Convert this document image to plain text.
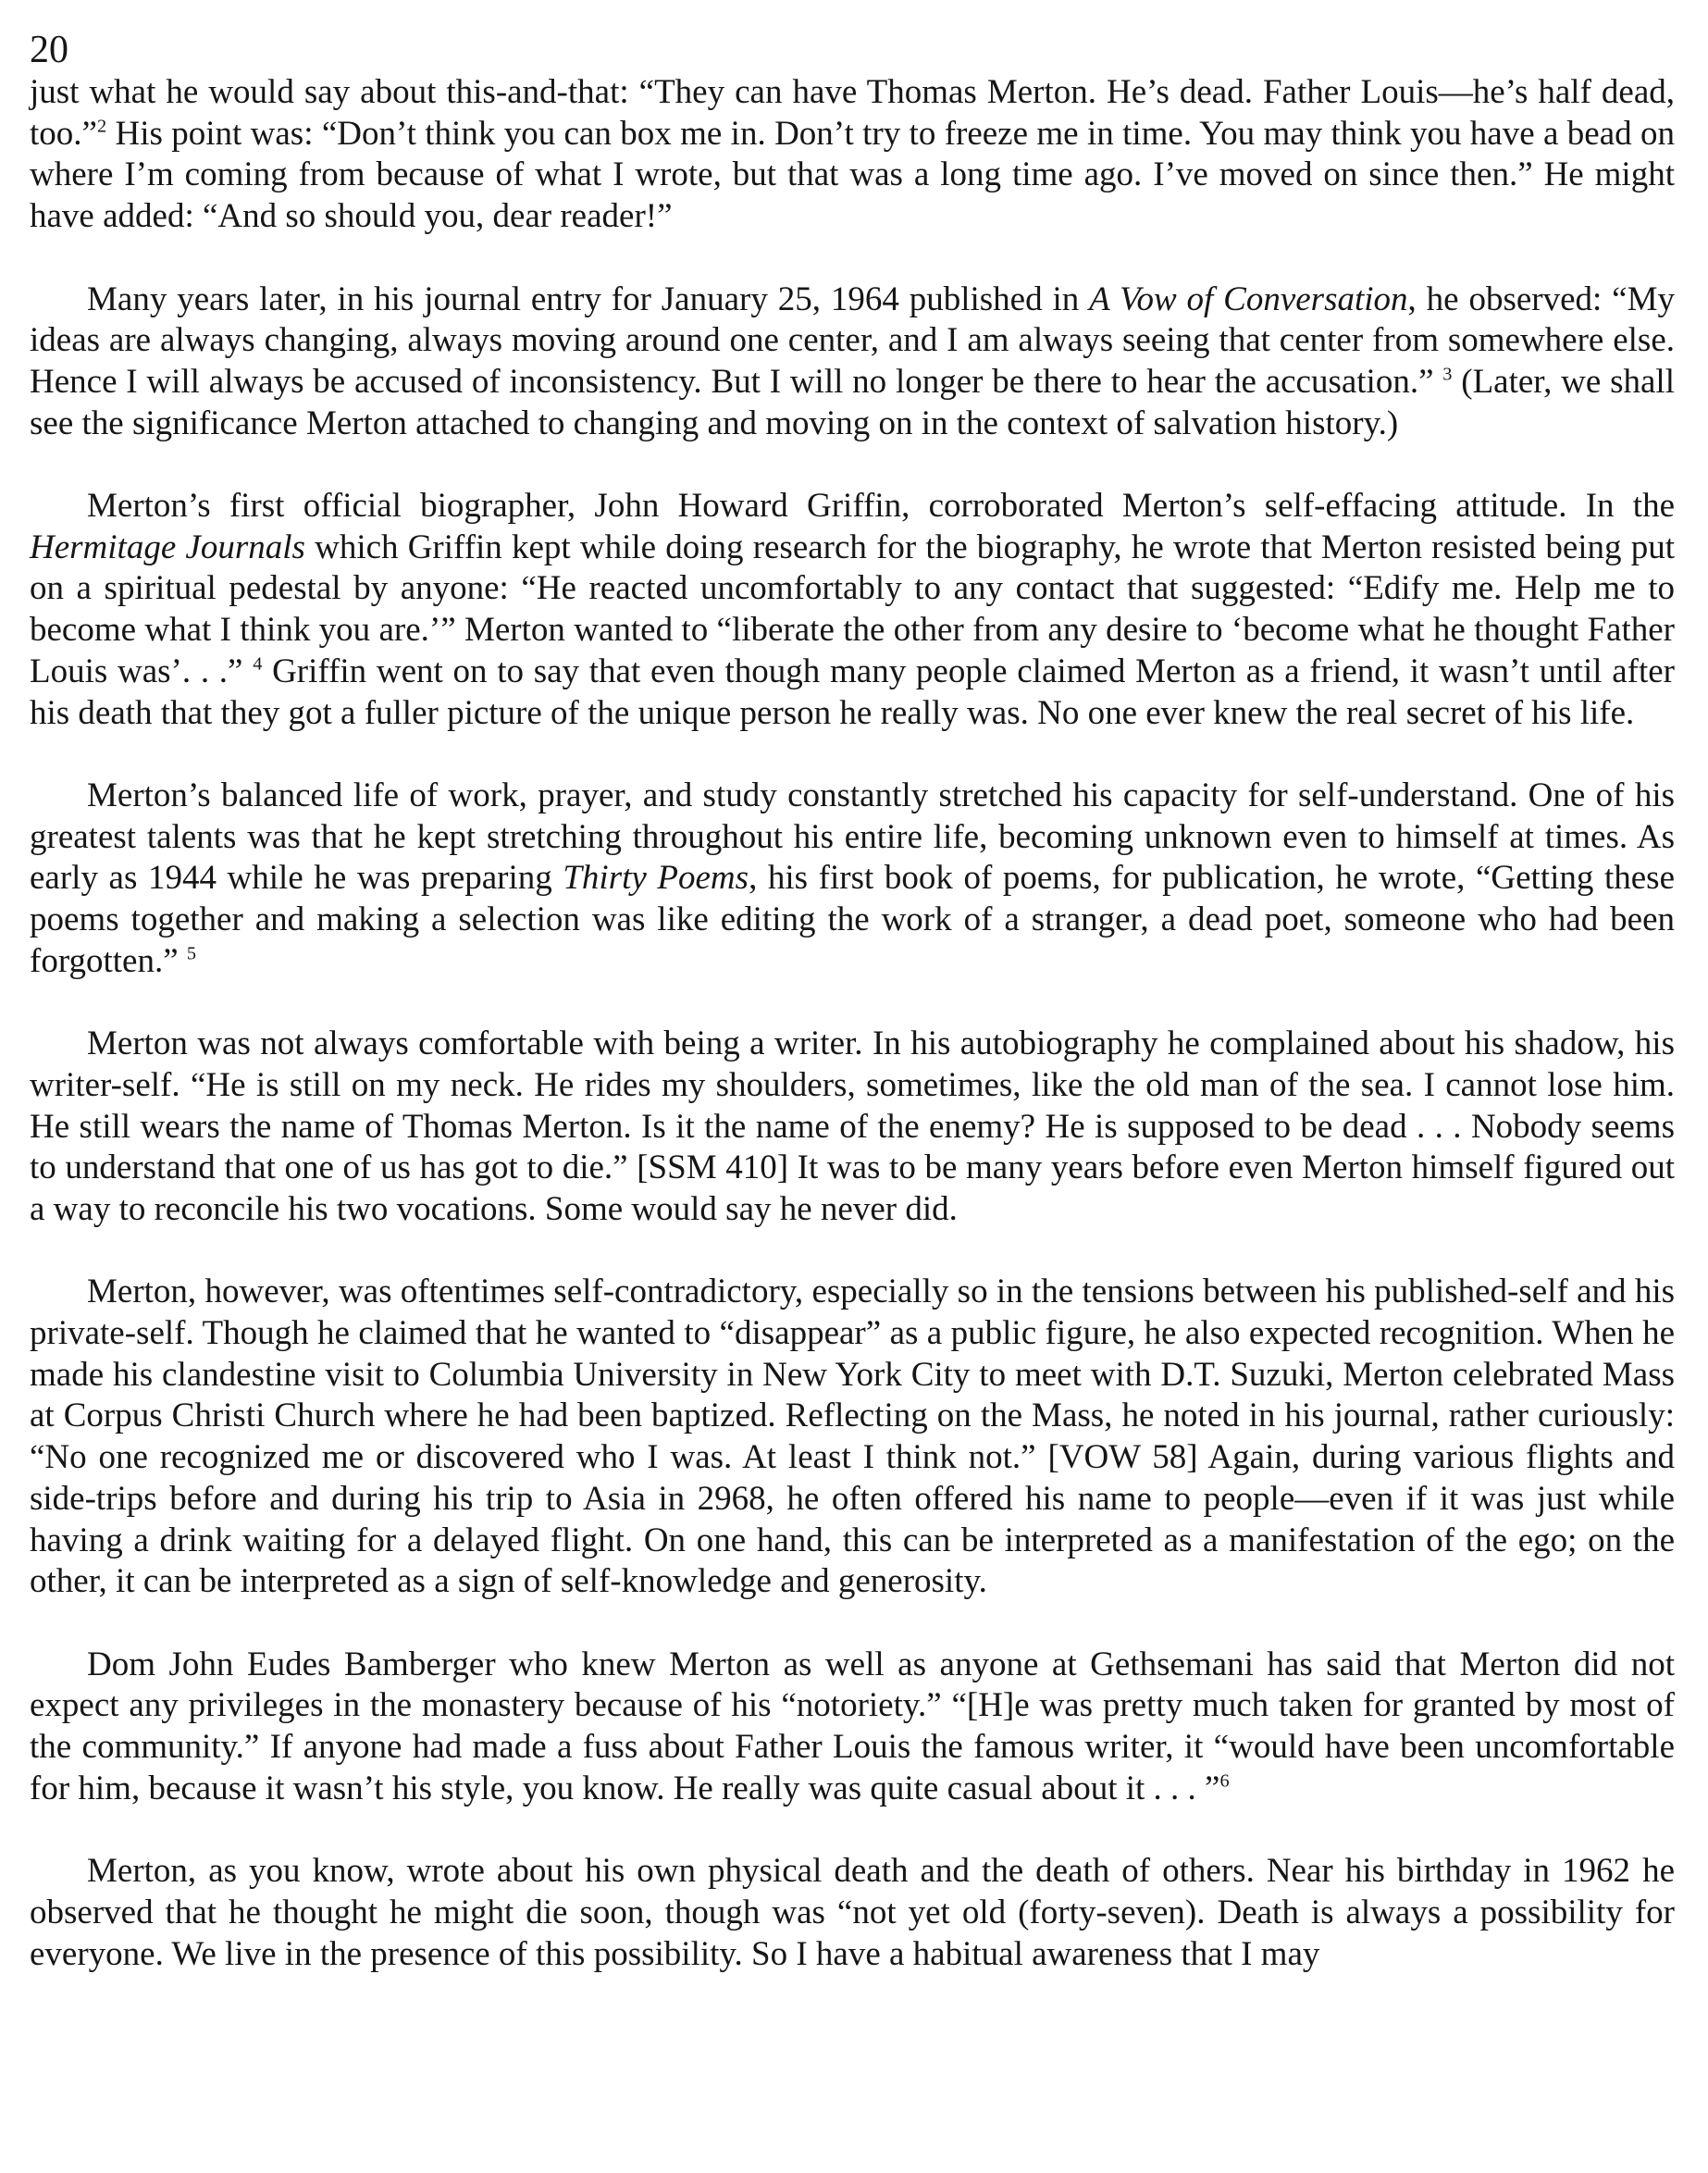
20

just what he would say about this-and-that: “They can have Thomas Merton. He’s dead. Father Louis—he’s half dead, too.”$^2$ His point was: “Don’t think you can box me in. Don’t try to freeze me in time. You may think you have a bead on where I’m coming from because of what I wrote, but that was a long time ago. I’ve moved on since then.” He might have added: “And so should you, dear reader!”

Many years later, in his journal entry for January 25, 1964 published in A Vow of Conversation, he observed: “My ideas are always changing, always moving around one center, and I am always seeing that center from somewhere else. Hence I will always be accused of inconsistency. But I will no longer be there to hear the accusation.” $^3$ (Later, we shall see the significance Merton attached to changing and moving on in the context of salvation history.)

Merton’s first official biographer, John Howard Griffin, corroborated Merton’s self-effacing attitude. In the Hermitage Journals which Griffin kept while doing research for the biography, he wrote that Merton resisted being put on a spiritual pedestal by anyone: “He reacted uncomfortably to any contact that suggested: “Edify me. Help me to become what I think you are.’” Merton wanted to “liberate the other from any desire to ‘become what he thought Father Louis was’. . .” $^4$ Griffin went on to say that even though many people claimed Merton as a friend, it wasn’t until after his death that they got a fuller picture of the unique person he really was. No one ever knew the real secret of his life.

Merton’s balanced life of work, prayer, and study constantly stretched his capacity for self-understand. One of his greatest talents was that he kept stretching throughout his entire life, becoming unknown even to himself at times. As early as 1944 while he was preparing Thirty Poems, his first book of poems, for publication, he wrote, “Getting these poems together and making a selection was like editing the work of a stranger, a dead poet, someone who had been forgotten.” $^5$

Merton was not always comfortable with being a writer. In his autobiography he complained about his shadow, his writer-self. “He is still on my neck. He rides my shoulders, sometimes, like the old man of the sea. I cannot lose him. He still wears the name of Thomas Merton. Is it the name of the enemy? He is supposed to be dead . . . Nobody seems to understand that one of us has got to die.” [SSM 410] It was to be many years before even Merton himself figured out a way to reconcile his two vocations. Some would say he never did.

Merton, however, was oftentimes self-contradictory, especially so in the tensions between his published-self and his private-self. Though he claimed that he wanted to “disappear” as a public figure, he also expected recognition. When he made his clandestine visit to Columbia University in New York City to meet with D.T. Suzuki, Merton celebrated Mass at Corpus Christi Church where he had been baptized. Reflecting on the Mass, he noted in his journal, rather curiously: “No one recognized me or discovered who I was. At least I think not.” [VOW 58] Again, during various flights and side-trips before and during his trip to Asia in 2968, he often offered his name to people—even if it was just while having a drink waiting for a delayed flight. On one hand, this can be interpreted as a manifestation of the ego; on the other, it can be interpreted as a sign of self-knowledge and generosity.

Dom John Eudes Bamberger who knew Merton as well as anyone at Gethsemani has said that Merton did not expect any privileges in the monastery because of his “notoriety.” “[H]e was pretty much taken for granted by most of the community.” If anyone had made a fuss about Father Louis the famous writer, it “would have been uncomfortable for him, because it wasn’t his style, you know. He really was quite casual about it . . . ”$^6$

Merton, as you know, wrote about his own physical death and the death of others. Near his birthday in 1962 he observed that he thought he might die soon, though was “not yet old (forty-seven). Death is always a possibility for everyone. We live in the presence of this possibility. So I have a habitual awareness that I may
